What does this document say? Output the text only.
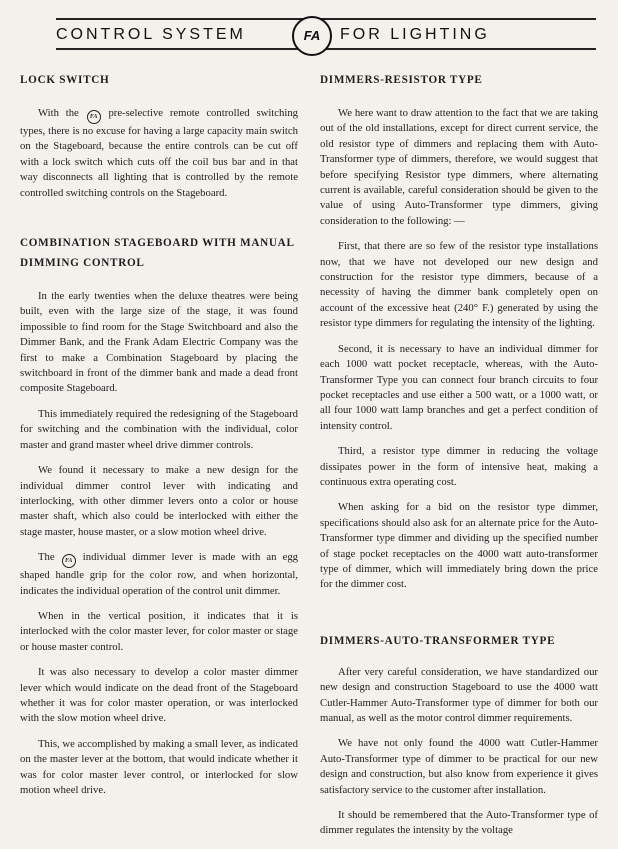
CONTROL SYSTEM	FA	FOR LIGHTING
LOCK SWITCH

With the FA pre-selective remote controlled switching types, there is no excuse for having a large capacity main switch on the Stageboard, because the entire controls can be cut off with a lock switch which cuts off the coil bus bar and in that way disconnects all lighting that is controlled by the remote controlled switching controls on the Stageboard.

COMBINATION STAGEBOARD WITH MANUAL
DIMMING CONTROL

In the early twenties when the deluxe theatres were being built, even with the large size of the stage, it was found impossible to find room for the Stage Switchboard and also the Dimmer Bank, and the Frank Adam Electric Company was the first to make a Combination Stageboard by placing the switchboard in front of the dimmer bank and made a dead front composite Stageboard.

This immediately required the redesigning of the Stageboard for switching and the combination with the individual, color master and grand master wheel drive dimmer controls.

We found it necessary to make a new design for the individual dimmer control lever with indicating and interlocking, with other dimmer levers onto a color or house master shaft, which also could be interlocked with either the stage master, house master, or a slow motion wheel drive.

The FA individual dimmer lever is made with an egg shaped handle grip for the color row, and when horizontal, indicates the individual operation of the control unit dimmer.

When in the vertical position, it indicates that it is interlocked with the color master lever, for color master or stage or house master control.

It was also necessary to develop a color master dimmer lever which would indicate on the dead front of the Stageboard whether it was for color master operation, or was interlocked with the slow motion wheel drive.

This, we accomplished by making a small lever, as indicated on the master lever at the bottom, that would indicate whether it was for color master lever control, or interlocked for slow motion wheel drive.

DIMMERS-RESISTOR TYPE

We here want to draw attention to the fact that we are taking out of the old installations, except for direct current service, the old resistor type of dimmers and replacing them with Auto-Transformer type of dimmers, therefore, we would suggest that before specifying Resistor type dimmers, where alternating current is available, careful consideration should be given to the value of using Auto-Transformer type dimmers, giving consideration to the following: —

First, that there are so few of the resistor type installations now, that we have not developed our new design and construction for the resistor type dimmers, because of a necessity of having the dimmer bank completely open on account of the excessive heat (240° F.) generated by using the resistor type dimmers for regulating the intensity of the lighting.

Second, it is necessary to have an individual dimmer for each 1000 watt pocket receptacle, whereas, with the Auto-Transformer Type you can connect four branch circuits to four pocket receptacles and use either a 500 watt, or a 1000 watt, or all four 1000 watt lamp branches and get a perfect condition of intensity control.

Third, a resistor type dimmer in reducing the voltage dissipates power in the form of intensive heat, making a continuous extra operating cost.

When asking for a bid on the resistor type dimmer, specifications should also ask for an alternate price for the Auto-Transformer type dimmer and dividing up the specified number of stage pocket receptacles on the 4000 watt auto-transformer type of dimmer, which will immediately bring down the price for the dimmer cost.

DIMMERS-AUTO-TRANSFORMER TYPE

After very careful consideration, we have standardized our new design and construction Stageboard to use the 4000 watt Cutler-Hammer Auto-Transformer type of dimmer for both our manual, as well as the motor control dimmer requirements.

We have not only found the 4000 watt Cutler-Hammer Auto-Transformer type of dimmer to be practical for our new design and construction, but also know from experience it gives satisfactory service to the customer after installation.

It should be remembered that the Auto-Transformer type of dimmer regulates the intensity by the voltage
